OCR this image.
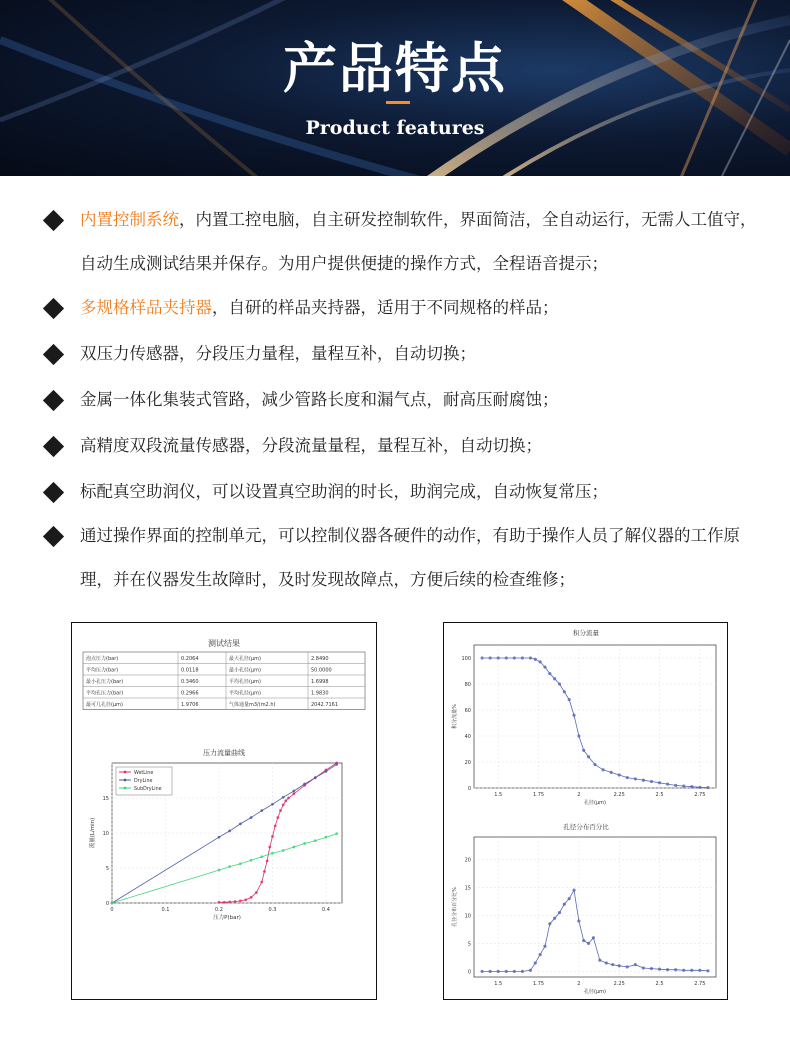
产品特点
Product features
内置控制系统，内置工控电脑，自主研发控制软件，界面简洁，全自动运行，无需人工值守，自动生成测试结果并保存。为用户提供便捷的操作方式，全程语音提示；
多规格样品夹持器，自研的样品夹持器，适用于不同规格的样品；
双压力传感器，分段压力量程，量程互补，自动切换；
金属一体化集装式管路，减少管路长度和漏气点，耐高压耐腐蚀；
高精度双段流量传感器，分段流量量程，量程互补，自动切换；
标配真空助润仪，可以设置真空助润的时长，助润完成，自动恢复常压；
通过操作界面的控制单元，可以控制仪器各硬件的动作，有助于操作人员了解仪器的工作原理，并在仪器发生故障时，及时发现故障点，方便后续的检查维修；
测试结果
泡点压力(bar)	0.2064	最大孔径(μm)	2.8490
平均压力(bar)	0.0118	最小孔径(μm)	50.0000
最小孔压力(bar)	0.3460	平均孔径(μm)	1.6998
平均孔压力(bar)	0.2966	平均孔径(μm)	1.9830
最可几孔径(μm)	1.9706	气体通量m3/(m2.h)	2042.7161
压力流量曲线
0
5
10
15
0	0.1	0.2	0.3	0.4
压力P(bar)
流量(L/min)
WetLine
DryLine
SubDryLine
积分流量
0
20
40
60
80
100
1.5	1.75	2	2.25	2.5	2.75
孔径(μm)
积分流量%
孔径分布百分比
0
5
10
15
20
1.5	1.75	2	2.25	2.5	2.75
孔径(μm)
孔径分布百分比%
